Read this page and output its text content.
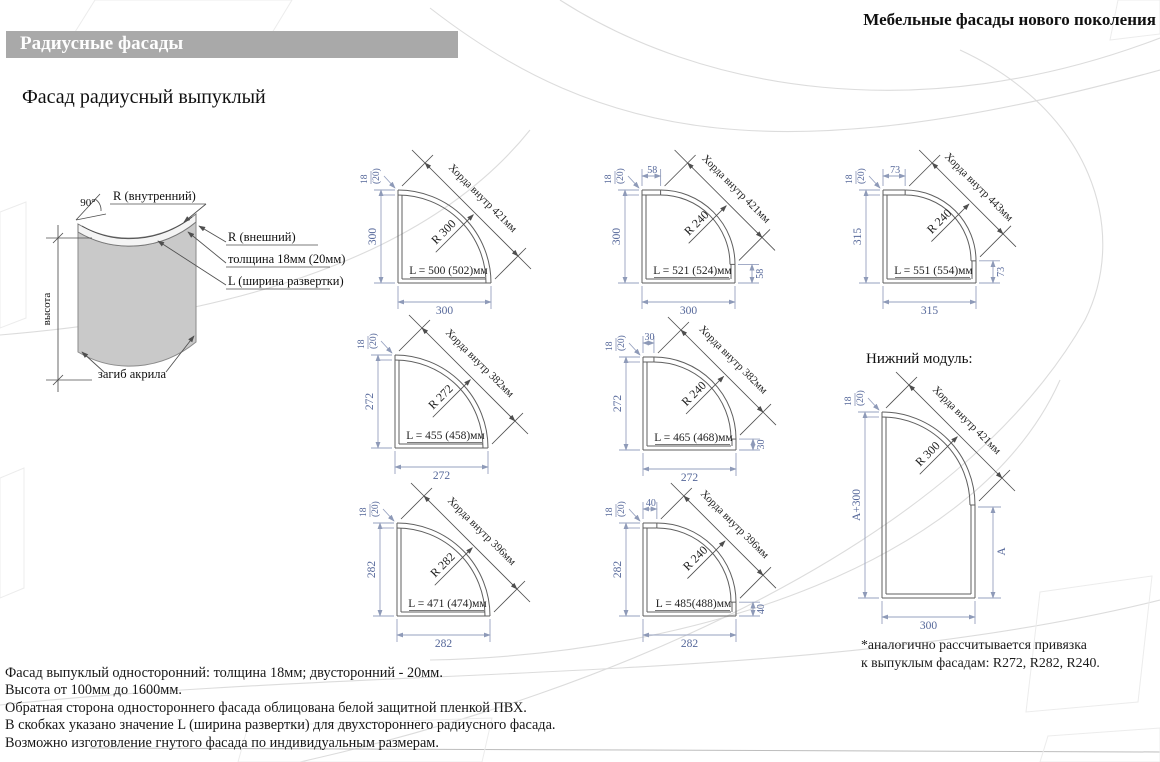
90° R (внутренний)
R (внешний)
толщина 18мм (20мм)
L (ширина развертки)
высота
загиб акрила
300
300
18 (20)	Хорда внутр 421мм
R 300
L = 500 (502)мм
300
300
18 (20) 58
58
Хорда внутр 421мм
R 240
L = 521 (524)мм
315
315
18 (20) 73
73
Хорда внутр 443мм
R 240
L = 551 (554)мм
272
272
18 (20)	Хорда внутр 382мм
R 272
L = 455 (458)мм
272
272
18 (20) 30
30
Хорда внутр 382мм
R 240
L = 465 (468)мм
282
282
18 (20)	Хорда внутр 396мм
R 282
L = 471 (474)мм
282
282
18 (20) 40
40
Хорда внутр 396мм
R 240
L = 485(488)мм
A+300
300
A
18 (20)	Хорда внутр 421мм
R 300
Мебельные фасады нового поколения
Радиусные фасады
Фасад радиусный выпуклый
Нижний модуль:
*аналогично рассчитывается привязка
к выпуклым фасадам: R272, R282, R240.
Фасад выпуклый односторонний: толщина 18мм; двусторонний - 20мм.
Высота от 100мм до 1600мм.
Обратная сторона одностороннего фасада облицована белой защитной пленкой ПВХ.
В скобках указано значение L (ширина развертки) для двухстороннего радиусного фасада.
Возможно изготовление гнутого фасада по индивидуальным размерам.
